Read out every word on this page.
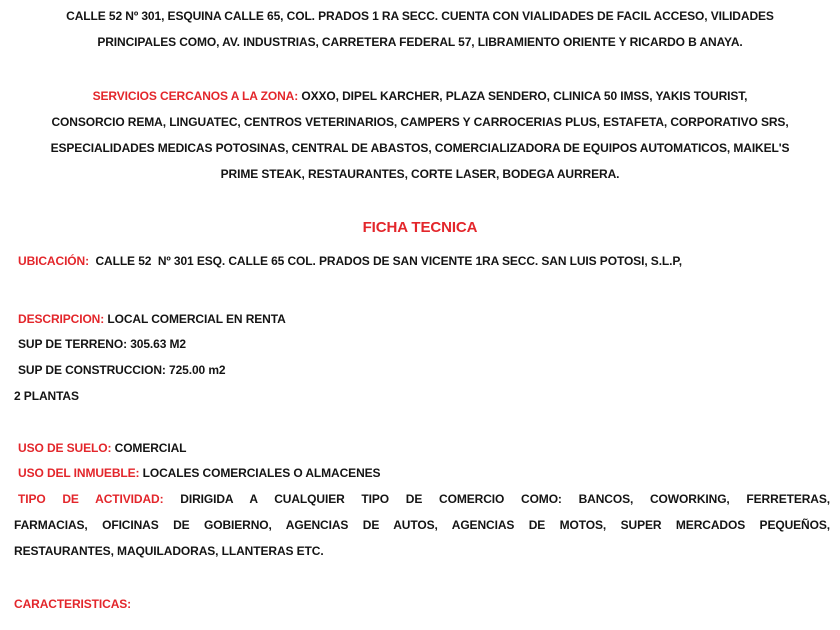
CALLE 52 Nº 301, ESQUINA CALLE 65, COL. PRADOS 1 RA SECC. CUENTA CON VIALIDADES DE FACIL ACCESO, VILIDADES
PRINCIPALES COMO, AV. INDUSTRIAS, CARRETERA FEDERAL 57, LIBRAMIENTO ORIENTE Y RICARDO B ANAYA.
SERVICIOS CERCANOS A LA ZONA: OXXO, DIPEL KARCHER, PLAZA SENDERO, CLINICA 50 IMSS, YAKIS TOURIST,
CONSORCIO REMA, LINGUATEC, CENTROS VETERINARIOS, CAMPERS Y CARROCERIAS PLUS, ESTAFETA, CORPORATIVO SRS,
ESPECIALIDADES MEDICAS POTOSINAS, CENTRAL DE ABASTOS, COMERCIALIZADORA DE EQUIPOS AUTOMATICOS, MAIKEL'S
PRIME STEAK, RESTAURANTES, CORTE LASER, BODEGA AURRERA.
FICHA TECNICA
UBICACIÓN:  CALLE 52  Nº 301 ESQ. CALLE 65 COL. PRADOS DE SAN VICENTE 1RA SECC. SAN LUIS POTOSI, S.L.P,
DESCRIPCION: LOCAL COMERCIAL EN RENTA
SUP DE TERRENO: 305.63 M2
SUP DE CONSTRUCCION: 725.00 m2
2 PLANTAS
USO DE SUELO: COMERCIAL
USO DEL INMUEBLE: LOCALES COMERCIALES O ALMACENES
TIPO DE ACTIVIDAD: DIRIGIDA A CUALQUIER TIPO DE COMERCIO COMO: BANCOS, COWORKING, FERRETERAS,
FARMACIAS, OFICINAS DE GOBIERNO, AGENCIAS DE AUTOS, AGENCIAS DE MOTOS, SUPER MERCADOS PEQUEÑOS,
RESTAURANTES, MAQUILADORAS, LLANTERAS ETC.
CARACTERISTICAS:
